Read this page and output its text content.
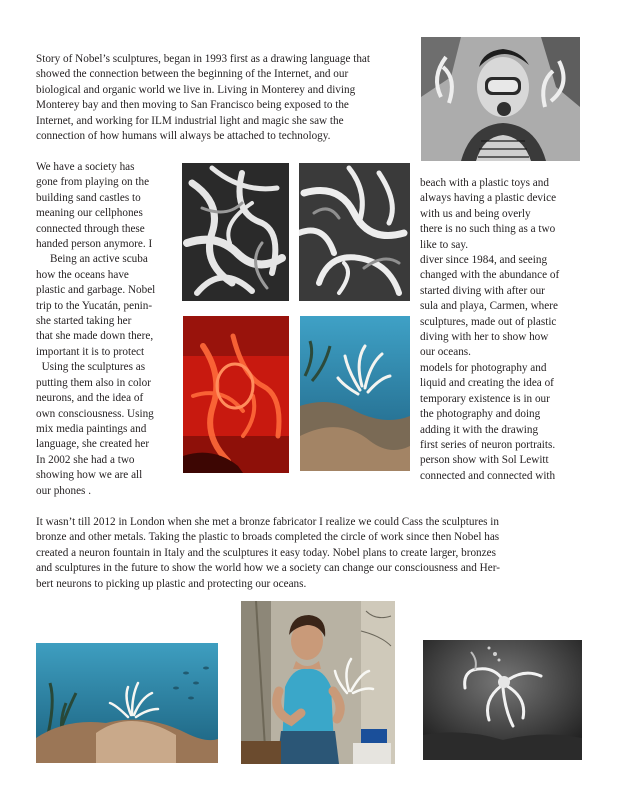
Story of Nobel’s sculptures, began in 1993 first as a drawing language that
showed the connection between the beginning of the Internet, and our
biological and organic world we live in. Living in Monterey and diving
Monterey bay and then moving to San Francisco being exposed to the
Internet, and working for ILM industrial light and magic she saw the
connection of how humans will always be attached to technology.
We have a society has
gone from playing on the
building sand castles to
meaning our cellphones
connected through these
handed person anymore. I
Being an active scuba
how the oceans have
plastic and garbage. Nobel
trip to the Yucatán, penin-
she started taking her
that she made down there,
important it is to protect
Using the sculptures as
putting them also in color
neurons, and the idea of
own consciousness. Using
mix media paintings and
language, she created her
In 2002 she had a two
showing how we are all
our phones .
beach with a plastic toys and
always having a plastic device
with us and being overly
there is no such thing as a two
like to say.
diver since 1984, and seeing
changed with the abundance of
started diving with after our
sula and playa, Carmen, where
sculptures, made out of plastic
diving with her to show how
our oceans.
models for photography and
liquid and creating the idea of
temporary existence is in our
the photography and doing
adding it with the drawing
first series of neuron portraits.
person show with Sol Lewitt
connected and connected with
It wasn’t till 2012 in London when she met a bronze fabricator I realize we could Cass the sculptures in
bronze and other metals. Taking the plastic to broads completed the circle of work since then Nobel has
created a neuron fountain in Italy and the sculptures it easy today. Nobel plans to create larger, bronzes
and sculptures in the future to show the world how we a society can change our consciousness and Her-
bert neurons to picking up plastic and protecting our oceans.
